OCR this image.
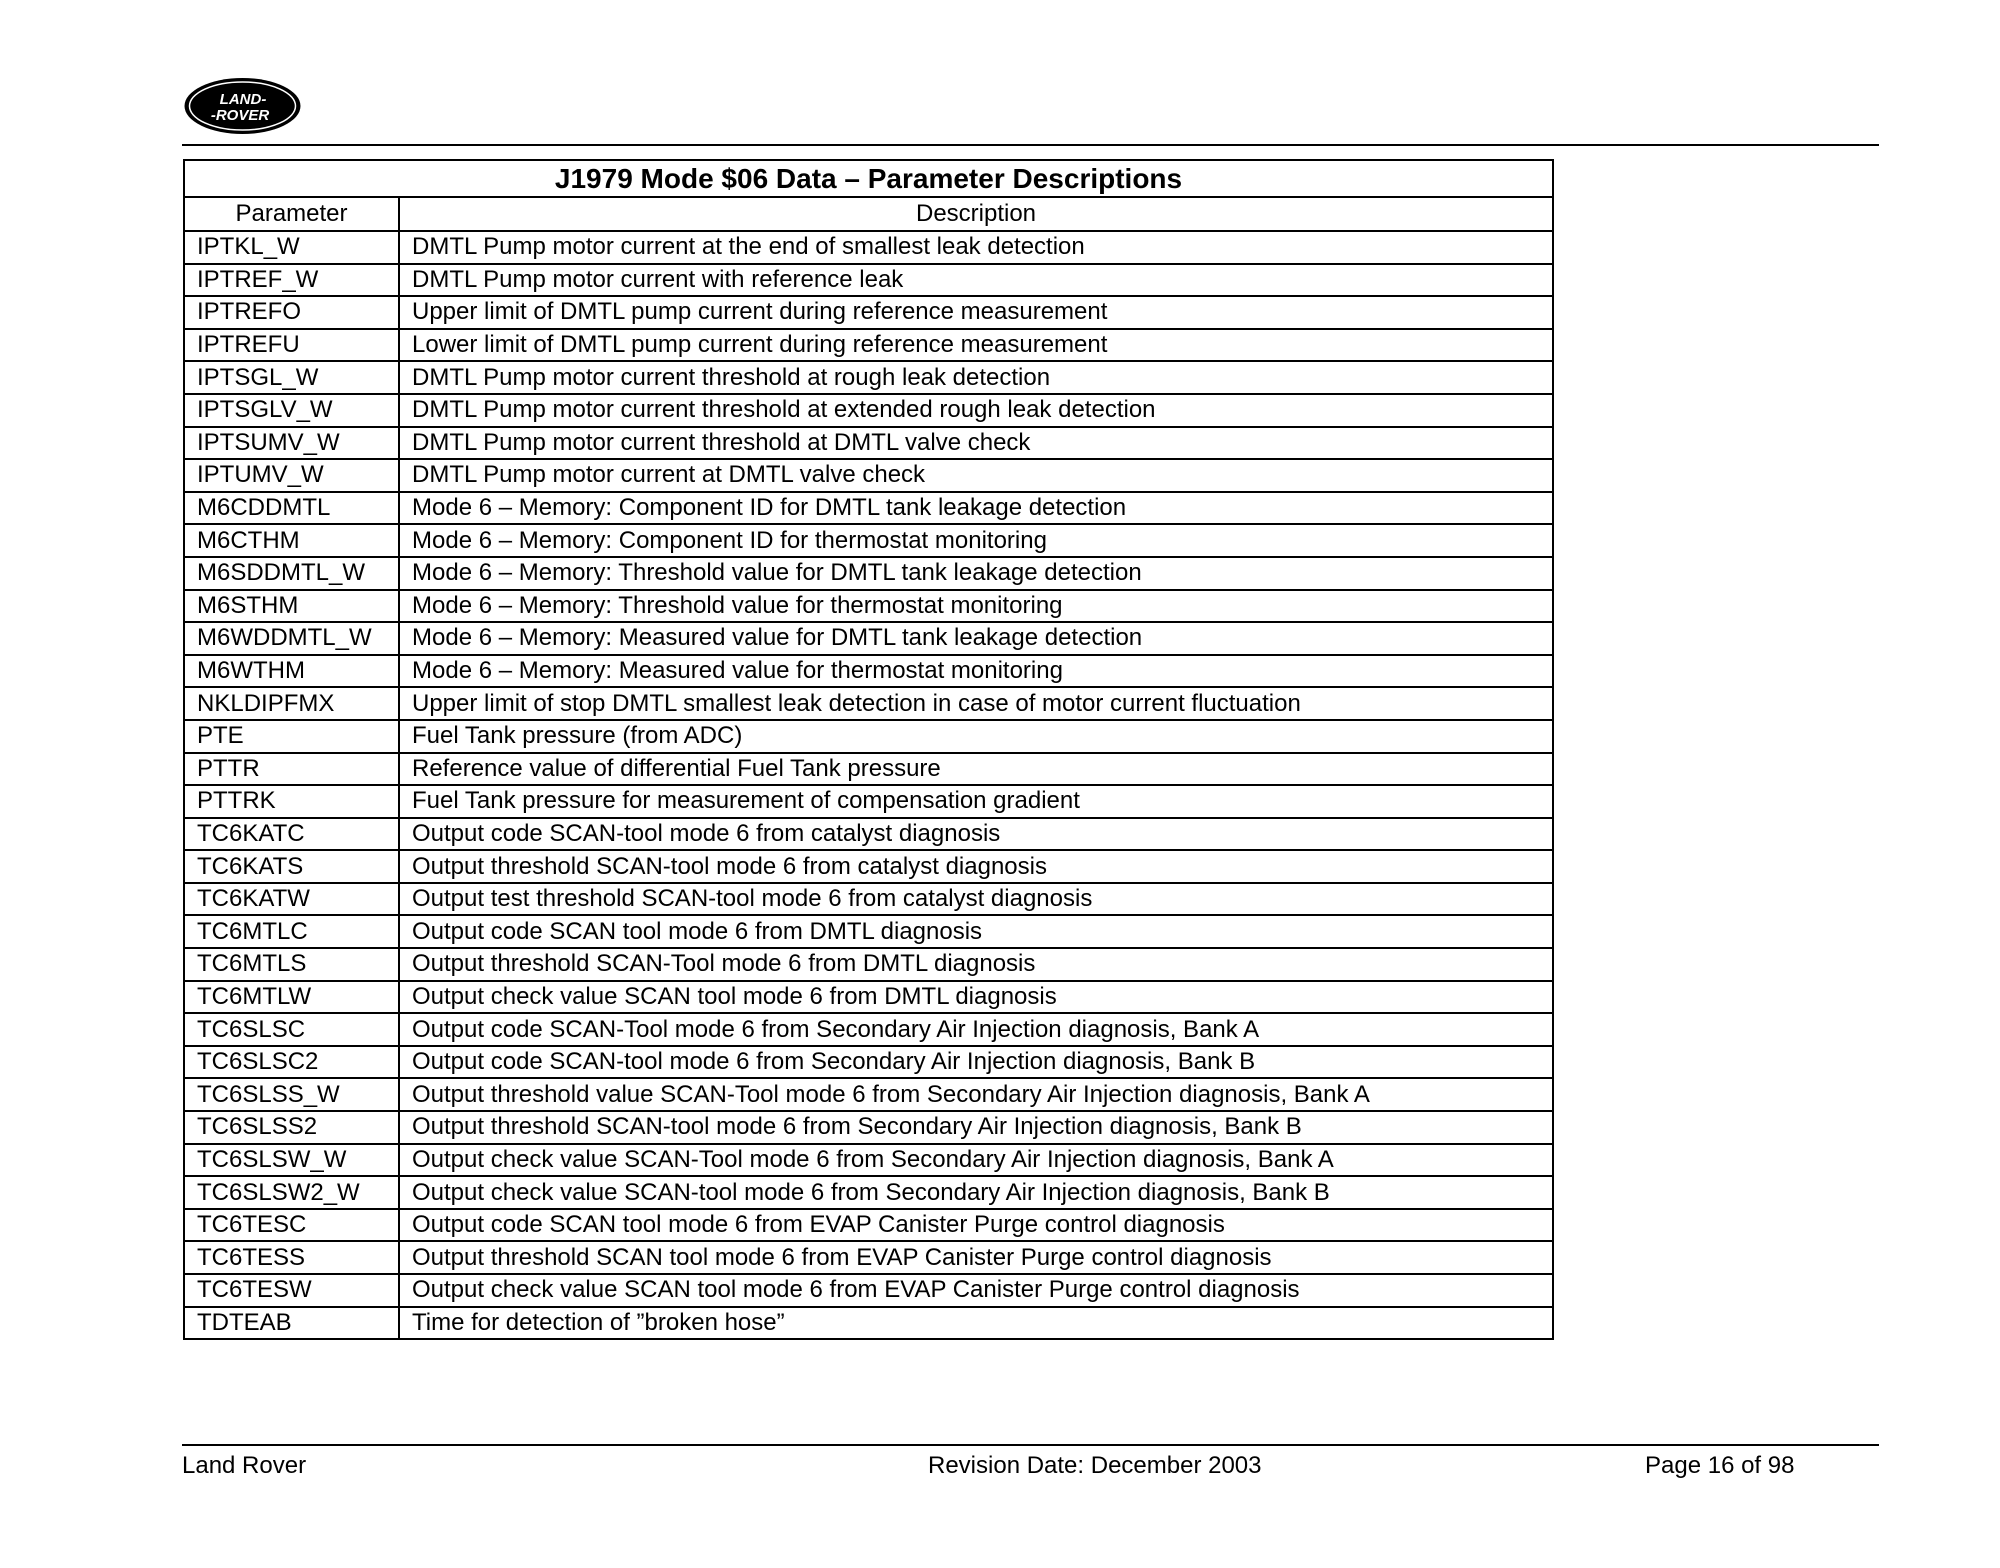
LAND-
-ROVER
J1979 Mode $06 Data – Parameter Descriptions	
Parameter	Description
IPTKL_W	DMTL Pump motor current at the end of smallest leak detection
IPTREF_W	DMTL Pump motor current with reference leak
IPTREFO	Upper limit of DMTL pump current during reference measurement
IPTREFU	Lower limit of DMTL pump current during reference measurement
IPTSGL_W	DMTL Pump motor current threshold at rough leak detection
IPTSGLV_W	DMTL Pump motor current threshold at extended rough leak detection
IPTSUMV_W	DMTL Pump motor current threshold at DMTL valve check
IPTUMV_W	DMTL Pump motor current at DMTL valve check
M6CDDMTL	Mode 6 – Memory: Component ID for DMTL tank leakage detection
M6CTHM	Mode 6 – Memory: Component ID for thermostat monitoring
M6SDDMTL_W	Mode 6 – Memory: Threshold value for DMTL tank leakage detection
M6STHM	Mode 6 – Memory: Threshold value for thermostat monitoring
M6WDDMTL_W	Mode 6 – Memory: Measured value for DMTL tank leakage detection
M6WTHM	Mode 6 – Memory: Measured value for thermostat monitoring
NKLDIPFMX	Upper limit of stop DMTL smallest leak detection in case of motor current fluctuation
PTE	Fuel Tank pressure (from ADC)
PTTR	Reference value of differential Fuel Tank pressure
PTTRK	Fuel Tank pressure for measurement of compensation gradient
TC6KATC	Output code SCAN-tool mode 6 from catalyst diagnosis
TC6KATS	Output threshold SCAN-tool mode 6 from catalyst diagnosis
TC6KATW	Output test threshold SCAN-tool mode 6 from catalyst diagnosis
TC6MTLC	Output code SCAN tool mode 6 from DMTL diagnosis
TC6MTLS	Output threshold SCAN-Tool mode 6 from DMTL diagnosis
TC6MTLW	Output check value SCAN tool mode 6 from DMTL diagnosis
TC6SLSC	Output code SCAN-Tool mode 6 from Secondary Air Injection diagnosis, Bank A
TC6SLSC2	Output code SCAN-tool mode 6 from Secondary Air Injection diagnosis, Bank B
TC6SLSS_W	Output threshold value SCAN-Tool mode 6 from Secondary Air Injection diagnosis, Bank A
TC6SLSS2	Output threshold SCAN-tool mode 6 from Secondary Air Injection diagnosis, Bank B
TC6SLSW_W	Output check value SCAN-Tool mode 6 from Secondary Air Injection diagnosis, Bank A
TC6SLSW2_W	Output check value SCAN-tool mode 6 from Secondary Air Injection diagnosis, Bank B
TC6TESC	Output code SCAN tool mode 6 from EVAP Canister Purge control diagnosis
TC6TESS	Output threshold SCAN tool mode 6 from EVAP Canister Purge control diagnosis
TC6TESW	Output check value SCAN tool mode 6 from EVAP Canister Purge control diagnosis
TDTEAB	Time for detection of ”broken hose”
Land Rover	Revision Date: December 2003	Page 16 of 98
